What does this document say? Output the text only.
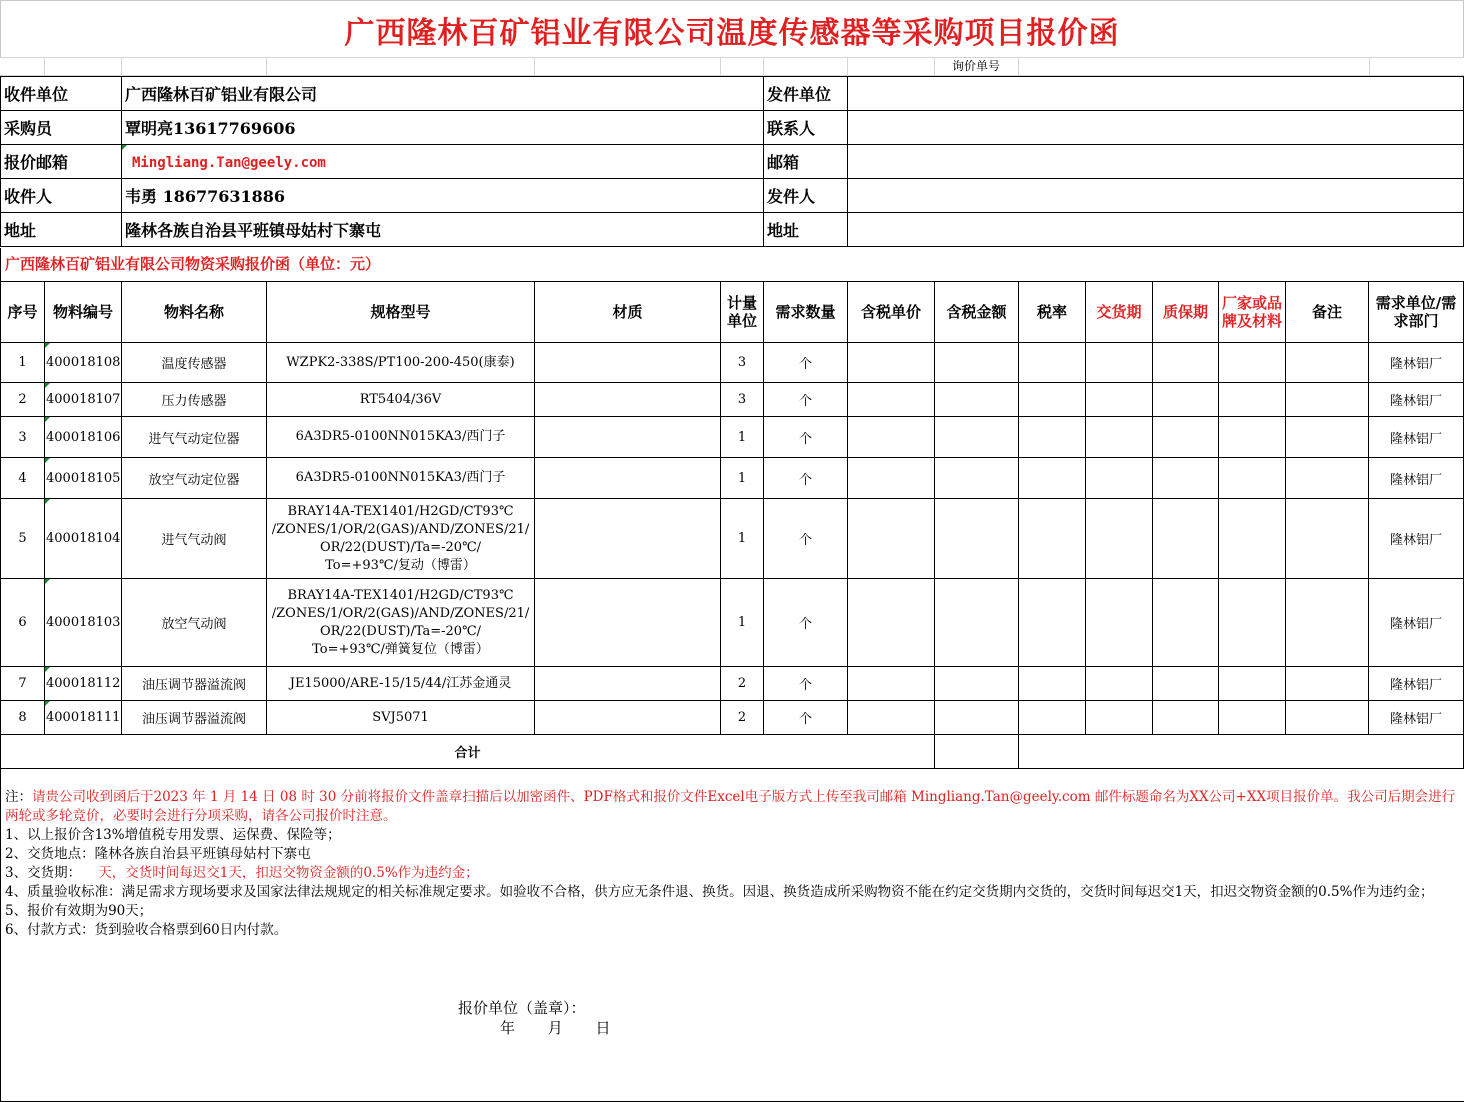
广西隆林百矿铝业有限公司温度传感器等采购项目报价函
询价单号
收件单位	广西隆林百矿铝业有限公司	发件单位	
采购员	覃明亮13617769606	联系人	
报价邮箱	Mingliang.Tan@geely.com	邮箱	
收件人	韦勇 18677631886	发件人	
地址	隆林各族自治县平班镇母姑村下寨屯	地址	
广西隆林百矿铝业有限公司物资采购报价函（单位：元）
序号	物料编号	物料名称	规格型号	材质	计量单位	需求数量	含税单价	含税金额	税率	交货期	质保期	厂家或品牌及材料	备注	需求单位/需求部门
1	400018108	温度传感器	WZPK2-338S/PT100-200-450(康泰)		3	个								隆林铝厂
2	400018107	压力传感器	RT5404/36V		3	个								隆林铝厂
3	400018106	进气气动定位器	6A3DR5-0100NN015KA3/西门子		1	个								隆林铝厂
4	400018105	放空气动定位器	6A3DR5-0100NN015KA3/西门子		1	个								隆林铝厂
5	400018104	进气气动阀	BRAY14A-TEX1401/H2GD/CT93℃
/ZONES/1/OR/2(GAS)/AND/ZONES/21/
OR/22(DUST)/Ta=-20℃/
To=+93℃/复动（博雷）		1	个								隆林铝厂
6	400018103	放空气动阀	BRAY14A-TEX1401/H2GD/CT93℃
/ZONES/1/OR/2(GAS)/AND/ZONES/21/
OR/22(DUST)/Ta=-20℃/
To=+93℃/弹簧复位（博雷）		1	个								隆林铝厂
7	400018112	油压调节器溢流阀	JE15000/ARE-15/15/44/江苏金通灵		2	个								隆林铝厂
8	400018111	油压调节器溢流阀	SVJ5071		2	个								隆林铝厂
合计														

注：请贵公司收到函后于2023 年 1 月 14 日 08 时 30 分前将报价文件盖章扫描后以加密函件、PDF格式和报价文件Excel电子版方式上传至我司邮箱 Mingliang.Tan@geely.com 邮件标题命名为XX公司+XX项目报价单。我公司后期会进行两轮或多轮竞价，必要时会进行分项采购，请各公司报价时注意。

1、以上报价含13%增值税专用发票、运保费、保险等；

2、交货地点：隆林各族自治县平班镇母姑村下寨屯

3、交货期：    天，交货时间每迟交1天，扣迟交物资金额的0.5%作为违约金；

4、质量验收标准：满足需求方现场要求及国家法律法规规定的相关标准规定要求。如验收不合格，供方应无条件退、换货。因退、换货造成所采购物资不能在约定交货期内交货的，交货时间每迟交1天，扣迟交物资金额的0.5%作为违约金；

5、报价有效期为90天；

6、付款方式：货到验收合格票到60日内付款。

报价单位（盖章）：
年 月 日
